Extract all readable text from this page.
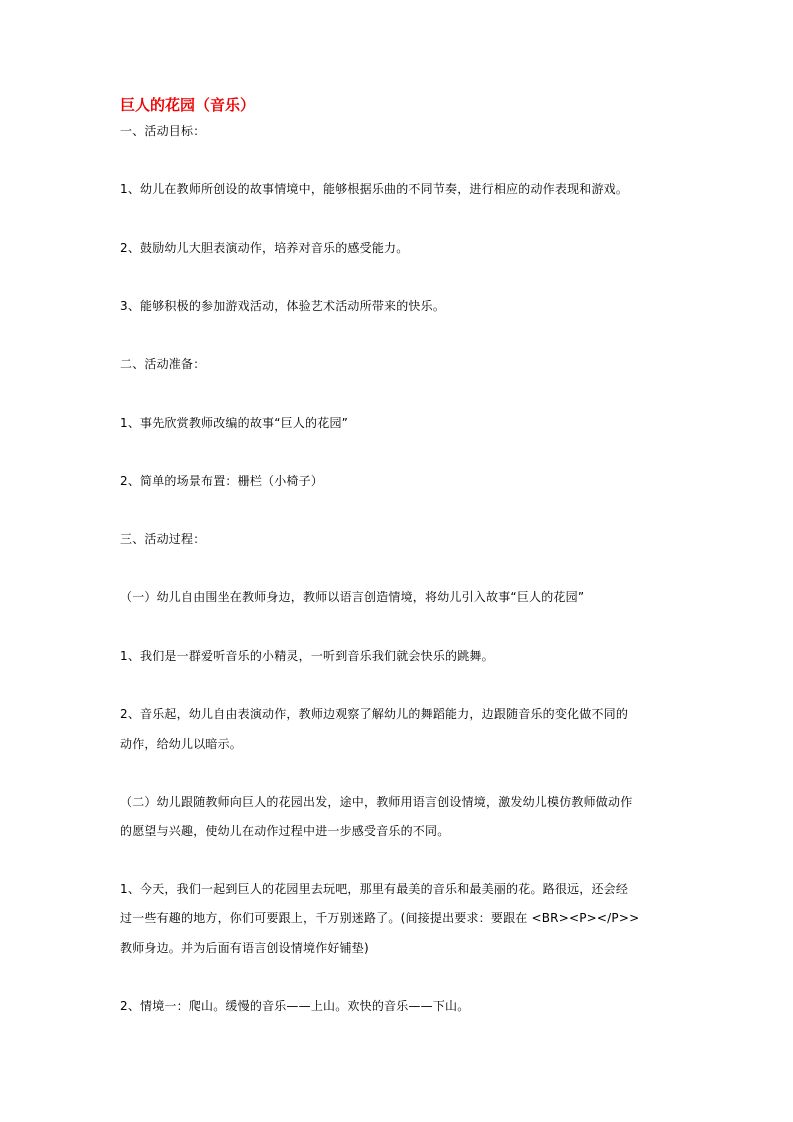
巨人的花园（音乐）
一、活动目标：
1、幼儿在教师所创设的故事情境中，能够根据乐曲的不同节奏，进行相应的动作表现和游戏。
2、鼓励幼儿大胆表演动作，培养对音乐的感受能力。
3、能够积极的参加游戏活动，体验艺术活动所带来的快乐。
二、活动准备：
1、事先欣赏教师改编的故事“巨人的花园”
2、简单的场景布置：栅栏（小椅子）
三、活动过程：
（一）幼儿自由围坐在教师身边，教师以语言创造情境，将幼儿引入故事“巨人的花园”
1、我们是一群爱听音乐的小精灵，一听到音乐我们就会快乐的跳舞。
2、音乐起，幼儿自由表演动作，教师边观察了解幼儿的舞蹈能力，边跟随音乐的变化做不同的
动作，给幼儿以暗示。
（二）幼儿跟随教师向巨人的花园出发，途中，教师用语言创设情境，激发幼儿模仿教师做动作
的愿望与兴趣，使幼儿在动作过程中进一步感受音乐的不同。
1、今天，我们一起到巨人的花园里去玩吧，那里有最美的音乐和最美丽的花。路很远，还会经
过一些有趣的地方，你们可要跟上，千万别迷路了。(间接提出要求：要跟在 <BR><P></P>>
教师身边。并为后面有语言创设情境作好铺垫)
2、情境一：爬山。缓慢的音乐——上山。欢快的音乐——下山。
